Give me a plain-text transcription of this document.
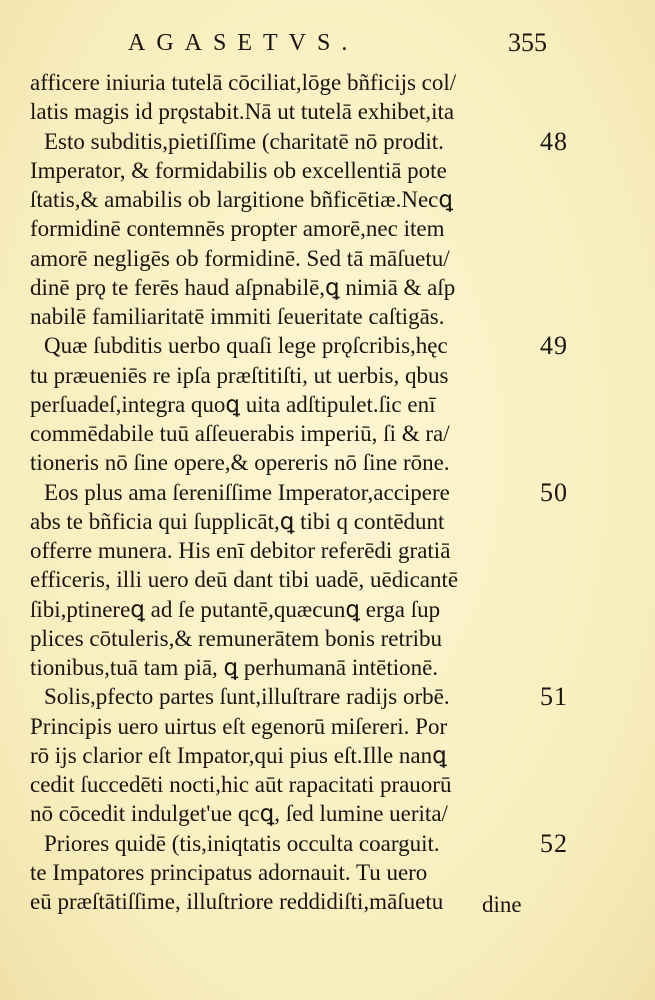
AGASETVS.	355
afficere iniuria tutelā cōciliat,lōge bñficijs col/
latis magis id prǫstabit.Nā ut tutelā exhibet,ita
Esto subditis,pietiſſime (charitatē nō prodit.	48
Imperator, & formidabilis ob excellentiā pote
ſtatis,& amabilis ob largitione bñficētiæ.Necꝗ
formidinē contemnēs propter amorē,nec item
amorē negligēs ob formidinē. Sed tā māſuetu/
dinē prǫ te ferēs haud aſpnabilē,ꝗ nimiā & aſp
nabilē familiaritatē immiti ſeueritate caſtigās.
Quæ ſubditis uerbo quaſi lege prǫſcribis,hęc	49
tu præueniēs re ipſa præſtitiſti, ut uerbis, qbus
perſuadeſ,integra quoꝗ uita adſtipulet.ſic enī
commēdabile tuū aſſeuerabis imperiū, ſi & ra/
tioneris nō ſine opere,& opereris nō ſine rōne.
Eos plus ama ſereniſſime Imperator,accipere	50
abs te bñficia qui ſupplicāt,ꝗ tibi q contēdunt
offerre munera. His enī debitor referēdi gratiā
efficeris, illi uero deū dant tibi uadē, uēdicantē
ſibi,ptinereꝗ ad ſe putantē,quæcunꝗ erga ſup
plices cōtuleris,& remunerātem bonis retribu
tionibus,tuā tam piā, ꝗ perhumanā intētionē.
Solis,pfecto partes ſunt,illuſtrare radijs orbē.	51
Principis uero uirtus eſt egenorū miſereri. Por
rō ijs clarior eſt Impator,qui pius eſt.Ille nanꝗ
cedit ſuccedēti nocti,hic aūt rapacitati prauorū
nō cōcedit indulget'ue qcꝗ, ſed lumine uerita/
Priores quidē (tis,iniqtatis occulta coarguit.	52
te Impatores principatus adornauit. Tu uero
eū præſtātiſſime, illuſtriore reddidiſti,māſuetu	dine
